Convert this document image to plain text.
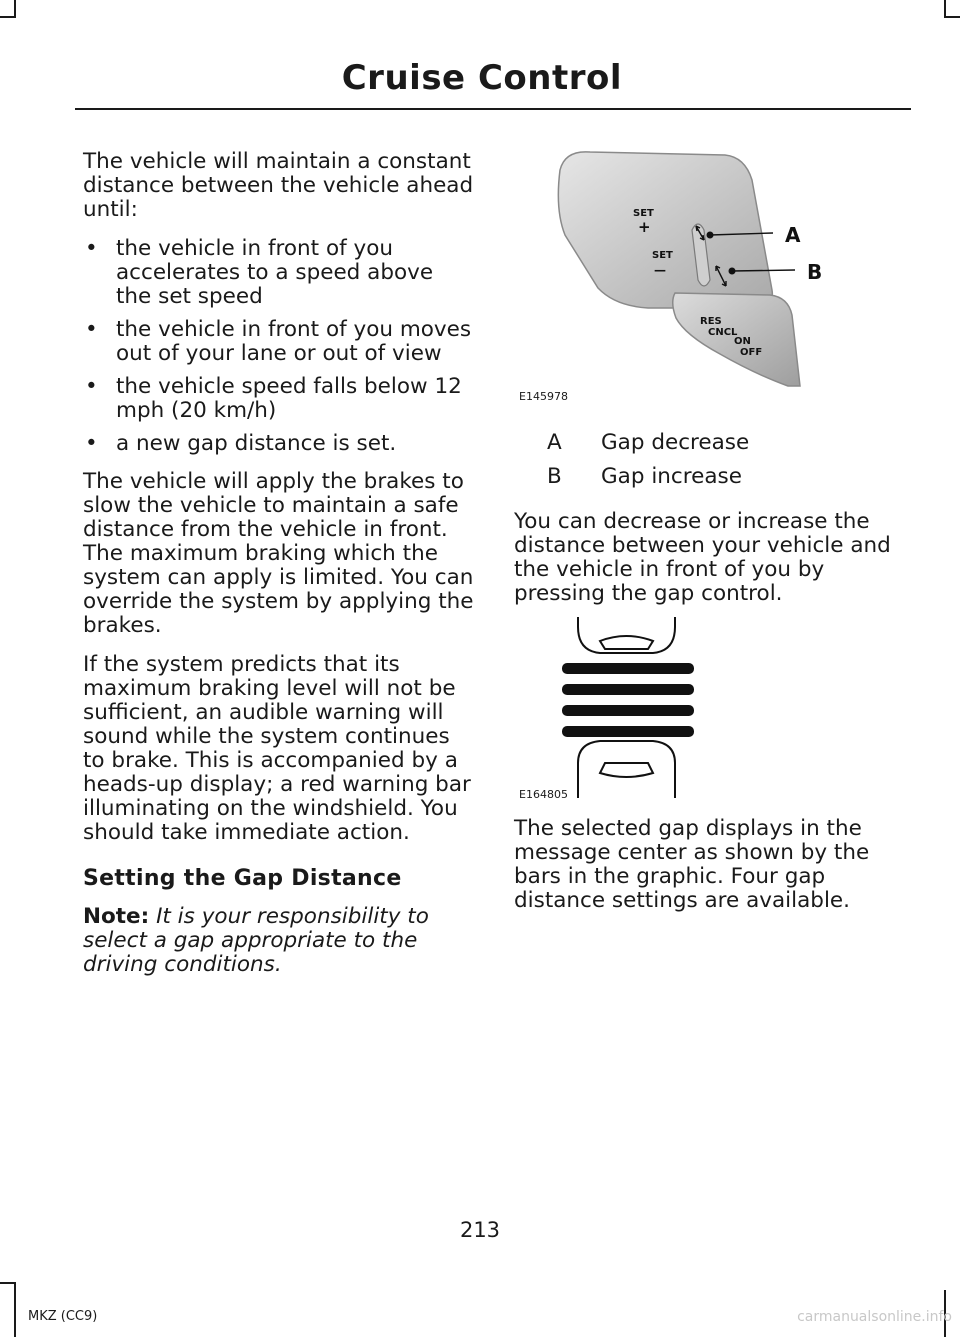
Cruise Control

The vehicle will maintain a constant distance between the vehicle ahead until:

• the vehicle in front of you accelerates to a speed above the set speed
• the vehicle in front of you moves out of your lane or out of view
• the vehicle speed falls below 12 mph (20 km/h)
• a new gap distance is set.

The vehicle will apply the brakes to slow the vehicle to maintain a safe distance from the vehicle in front. The maximum braking which the system can apply is limited. You can override the system by applying the brakes.

If the system predicts that its maximum braking level will not be sufficient, an audible warning will sound while the system continues to brake. This is accompanied by a heads-up display; a red warning bar illuminating on the windshield. You should take immediate action.

Setting the Gap Distance

Note: It is your responsibility to select a gap appropriate to the driving conditions.

SET
+
SET
—
RES
CNCL
ON
OFF
A
B
E145978
A Gap decrease
B Gap increase

You can decrease or increase the distance between your vehicle and the vehicle in front of you by pressing the gap control.

E164805

The selected gap displays in the message center as shown by the bars in the graphic. Four gap distance settings are available.

213
MKZ (CC9)	carmanualsonline.info
